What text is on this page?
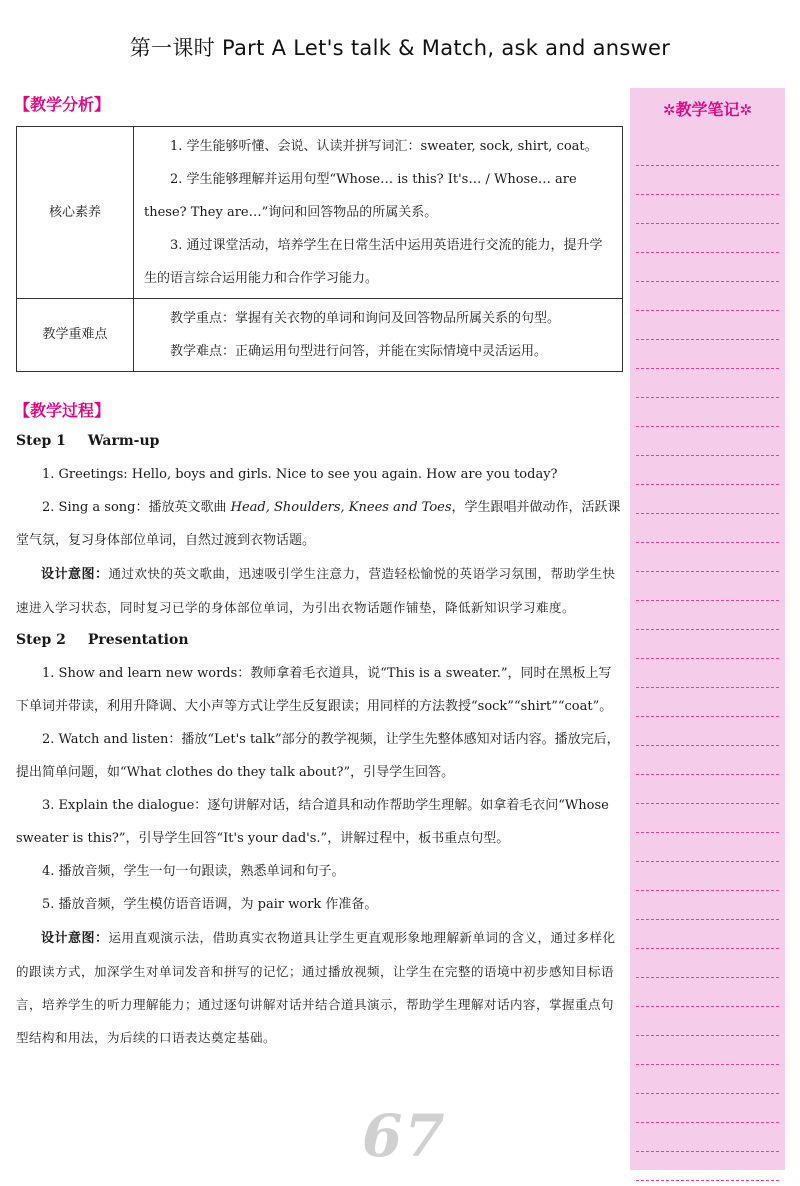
第一课时 Part A Let's talk & Match, ask and answer
【教学分析】
核心素养	1. 学生能够听懂、会说、认读并拼写词汇：sweater, sock, shirt, coat。

2. 学生能够理解并运用句型“Whose… is this? It's… / Whose… are these? They are…”询问和回答物品的所属关系。

3. 通过课堂活动，培养学生在日常生活中运用英语进行交流的能力，提升学生的语言综合运用能力和合作学习能力。

教学重难点	教学重点：掌握有关衣物的单词和询问及回答物品所属关系的句型。

教学难点：正确运用句型进行问答，并能在实际情境中灵活运用。

【教学过程】

Step 1 Warm-up

1. Greetings: Hello, boys and girls. Nice to see you again. How are you today?

2. Sing a song：播放英文歌曲 Head, Shoulders, Knees and Toes，学生跟唱并做动作，活跃课堂气氛，复习身体部位单词，自然过渡到衣物话题。

设计意图：通过欢快的英文歌曲，迅速吸引学生注意力，营造轻松愉悦的英语学习氛围，帮助学生快速进入学习状态，同时复习已学的身体部位单词，为引出衣物话题作铺垫，降低新知识学习难度。

Step 2 Presentation

1. Show and learn new words：教师拿着毛衣道具，说“This is a sweater.”，同时在黑板上写下单词并带读，利用升降调、大小声等方式让学生反复跟读；用同样的方法教授“sock”“shirt”“coat”。

2. Watch and listen：播放“Let's talk”部分的教学视频，让学生先整体感知对话内容。播放完后，提出简单问题，如“What clothes do they talk about?”，引导学生回答。

3. Explain the dialogue：逐句讲解对话，结合道具和动作帮助学生理解。如拿着毛衣问“Whose sweater is this?”，引导学生回答“It's your dad's.”，讲解过程中，板书重点句型。

4. 播放音频，学生一句一句跟读，熟悉单词和句子。

5. 播放音频，学生模仿语音语调，为 pair work 作准备。

设计意图：运用直观演示法，借助真实衣物道具让学生更直观形象地理解新单词的含义，通过多样化的跟读方式，加深学生对单词发音和拼写的记忆；通过播放视频，让学生在完整的语境中初步感知目标语言，培养学生的听力理解能力；通过逐句讲解对话并结合道具演示，帮助学生理解对话内容，掌握重点句型结构和用法，为后续的口语表达奠定基础。

✲教学笔记✲
67
